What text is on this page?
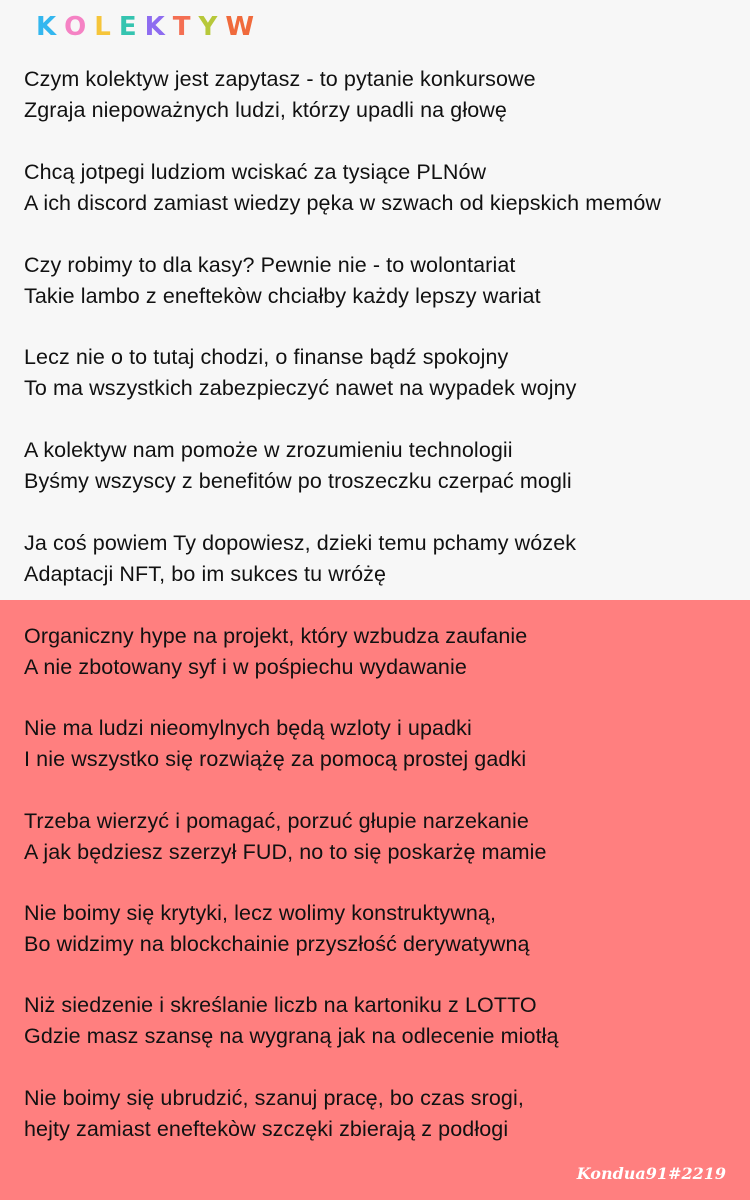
KOLEKTYW
Czym kolektyw jest zapytasz - to pytanie konkursowe
Zgraja niepoważnych ludzi, którzy upadli na głowę
Chcą jotpegi ludziom wciskać za tysiące PLNów
A ich discord zamiast wiedzy pęka w szwach od kiepskich memów
Czy robimy to dla kasy? Pewnie nie - to wolontariat
Takie lambo z eneftekòw chciałby każdy lepszy wariat
Lecz nie o to tutaj chodzi, o finanse bądź spokojny
To ma wszystkich zabezpieczyć nawet na wypadek wojny
A kolektyw nam pomoże w zrozumieniu technologii
Byśmy wszyscy z benefitów po troszeczku czerpać mogli
Ja coś powiem Ty dopowiesz, dzieki temu pchamy wózek
Adaptacji NFT, bo im sukces tu wróżę
Organiczny hype na projekt, który wzbudza zaufanie
A nie zbotowany syf i w pośpiechu wydawanie
Nie ma ludzi nieomylnych będą wzloty i upadki
I nie wszystko się rozwiążę za pomocą prostej gadki
Trzeba wierzyć i pomagać, porzuć głupie narzekanie
A jak będziesz szerzył FUD, no to się poskarżę mamie
Nie boimy się krytyki, lecz wolimy konstruktywną,
Bo widzimy na blockchainie przyszłość derywatywną
Niż siedzenie i skreślanie liczb na kartoniku z LOTTO
Gdzie masz szansę na wygraną jak na odlecenie miotłą
Nie boimy się ubrudzić, szanuj pracę, bo czas srogi,
hejty zamiast eneftekòw szczęki zbierają z podłogi
Kondua91#2219
